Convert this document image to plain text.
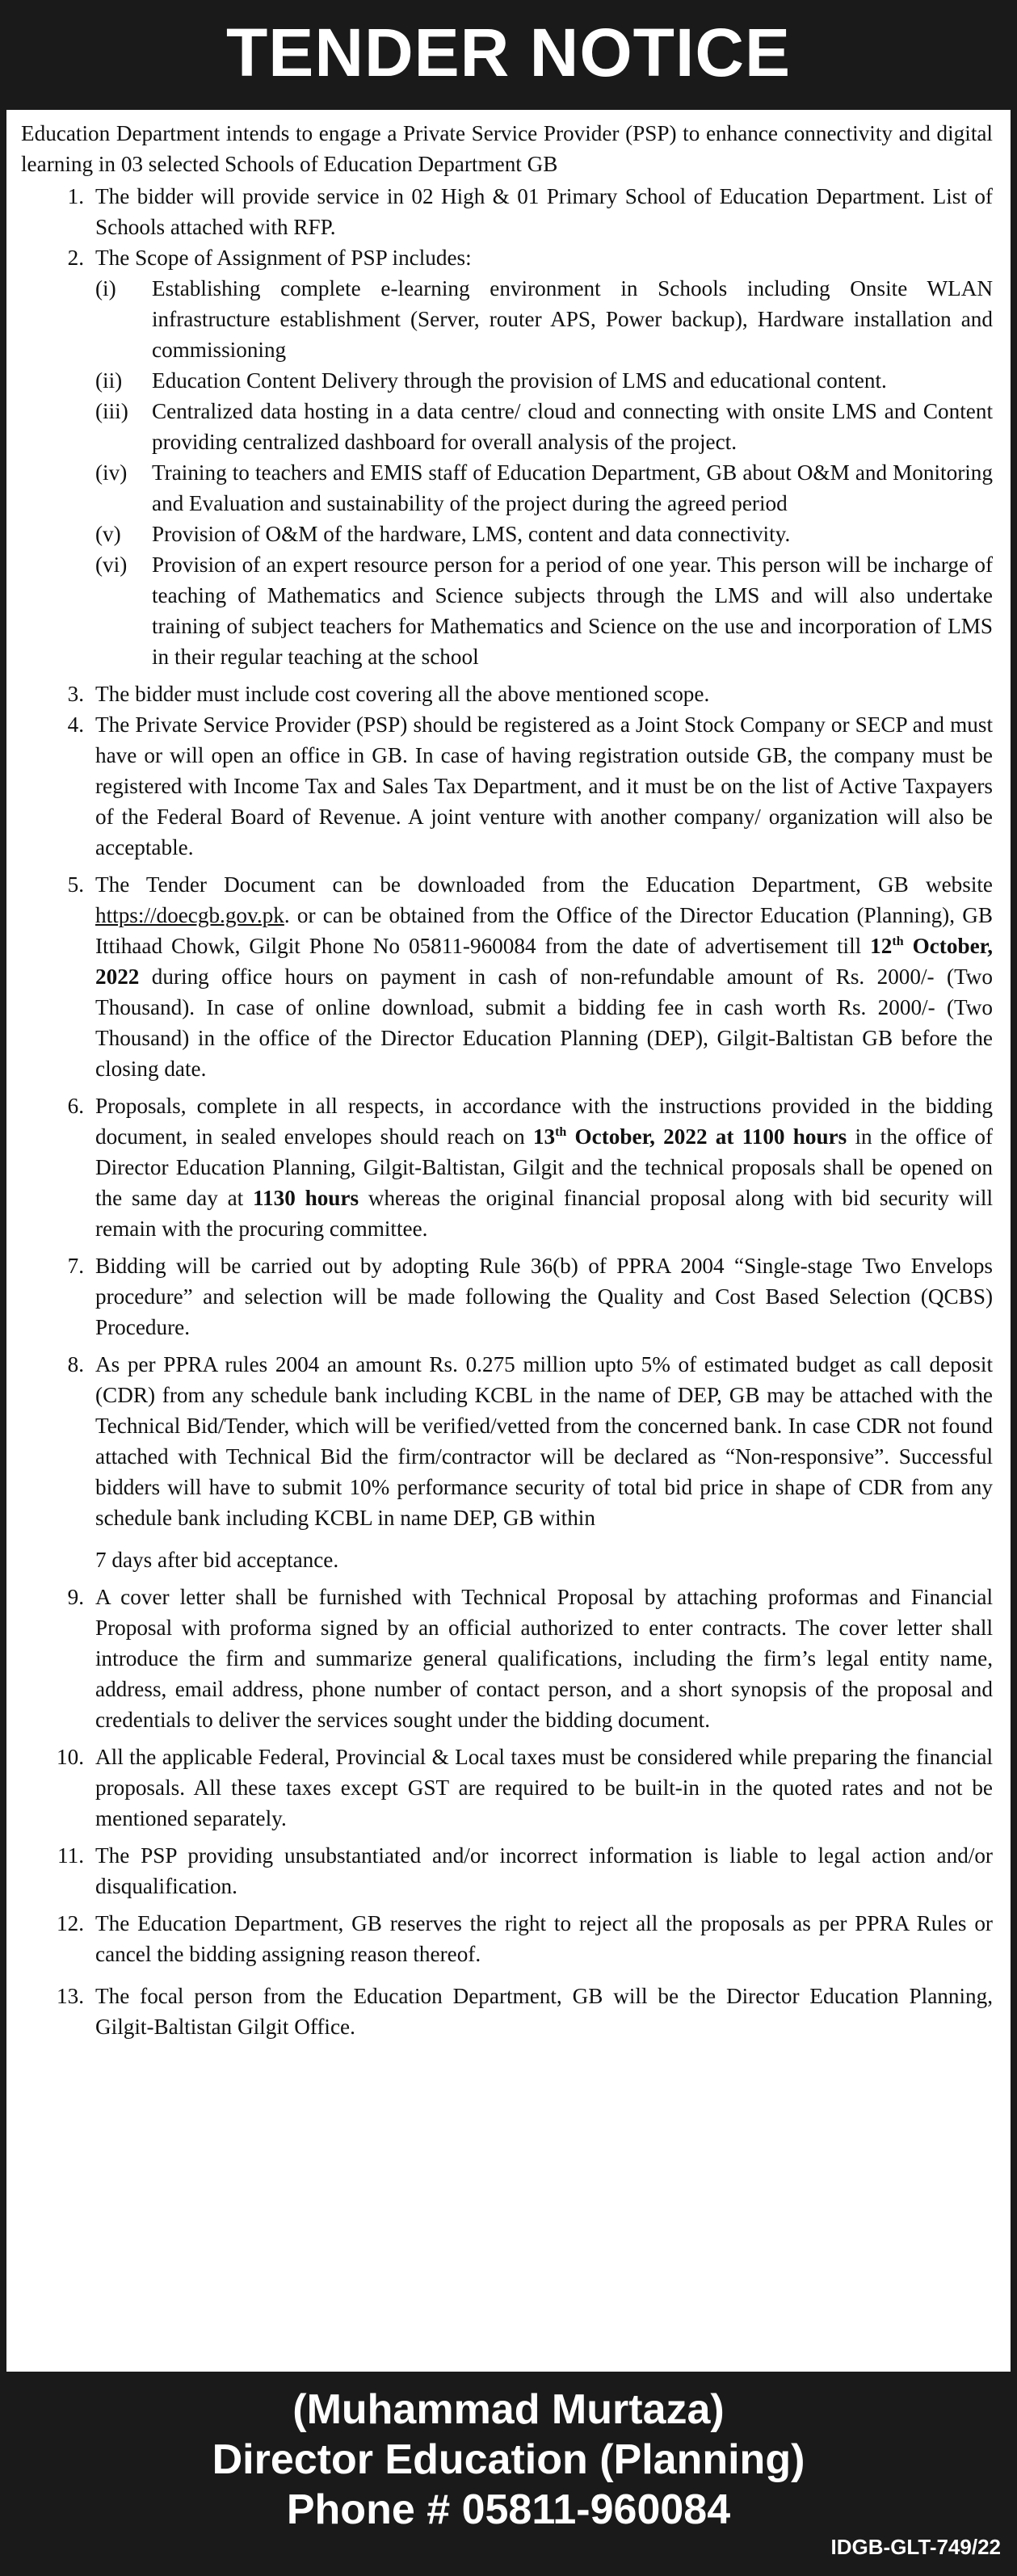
TENDER NOTICE

Education Department intends to engage a Private Service Provider (PSP) to enhance connectivity and digital learning in 03 selected Schools of Education Department GB

1. The bidder will provide service in 02 High & 01 Primary School of Education Department. List of Schools attached with RFP.
2. The Scope of Assignment of PSP includes:
(i)	Establishing complete e-learning environment in Schools including Onsite WLAN infrastructure establishment (Server, router APS, Power backup), Hardware installation and commissioning
(ii)	Education Content Delivery through the provision of LMS and educational content.
(iii)	Centralized data hosting in a data centre/ cloud and connecting with onsite LMS and Content providing centralized dashboard for overall analysis of the project.
(iv)	Training to teachers and EMIS staff of Education Department, GB about O&M and Monitoring and Evaluation and sustainability of the project during the agreed period
(v)	Provision of O&M of the hardware, LMS, content and data connectivity.
(vi)	Provision of an expert resource person for a period of one year. This person will be incharge of teaching of Mathematics and Science subjects through the LMS and will also undertake training of subject teachers for Mathematics and Science on the use and incorporation of LMS in their regular teaching at the school
3. The bidder must include cost covering all the above mentioned scope.
4. The Private Service Provider (PSP) should be registered as a Joint Stock Company or SECP and must have or will open an office in GB. In case of having registration outside GB, the company must be registered with Income Tax and Sales Tax Department, and it must be on the list of Active Taxpayers of the Federal Board of Revenue. A joint venture with another company/ organization will also be acceptable.
5. The Tender Document can be downloaded from the Education Department, GB website https://doecgb.gov.pk. or can be obtained from the Office of the Director Education (Planning), GB Ittihaad Chowk, Gilgit Phone No 05811-960084 from the date of advertisement till 12th October, 2022 during office hours on payment in cash of non-refundable amount of Rs. 2000/- (Two Thousand). In case of online download, submit a bidding fee in cash worth Rs. 2000/- (Two Thousand) in the office of the Director Education Planning (DEP), Gilgit-Baltistan GB before the closing date.
6. Proposals, complete in all respects, in accordance with the instructions provided in the bidding document, in sealed envelopes should reach on 13th October, 2022 at 1100 hours in the office of Director Education Planning, Gilgit-Baltistan, Gilgit and the technical proposals shall be opened on the same day at 1130 hours whereas the original financial proposal along with bid security will remain with the procuring committee.
7. Bidding will be carried out by adopting Rule 36(b) of PPRA 2004 “Single-stage Two Envelops procedure” and selection will be made following the Quality and Cost Based Selection (QCBS) Procedure.
8. As per PPRA rules 2004 an amount Rs. 0.275 million upto 5% of estimated budget as call deposit (CDR) from any schedule bank including KCBL in the name of DEP, GB may be attached with the Technical Bid/Tender, which will be verified/vetted from the concerned bank. In case CDR not found attached with Technical Bid the firm/contractor will be declared as “Non-responsive”. Successful bidders will have to submit 10% performance security of total bid price in shape of CDR from any schedule bank including KCBL in name DEP, GB within
7 days after bid acceptance.
9. A cover letter shall be furnished with Technical Proposal by attaching proformas and Financial Proposal with proforma signed by an official authorized to enter contracts. The cover letter shall introduce the firm and summarize general qualifications, including the firm’s legal entity name, address, email address, phone number of contact person, and a short synopsis of the proposal and credentials to deliver the services sought under the bidding document.
10. All the applicable Federal, Provincial & Local taxes must be considered while preparing the financial proposals. All these taxes except GST are required to be built-in in the quoted rates and not be mentioned separately.
11. The PSP providing unsubstantiated and/or incorrect information is liable to legal action and/or disqualification.
12. The Education Department, GB reserves the right to reject all the proposals as per PPRA Rules or cancel the bidding assigning reason thereof.
13. The focal person from the Education Department, GB will be the Director Education Planning, Gilgit-Baltistan Gilgit Office.

(Muhammad Murtaza)

Director Education (Planning)

Phone # 05811-960084

IDGB-GLT-749/22
